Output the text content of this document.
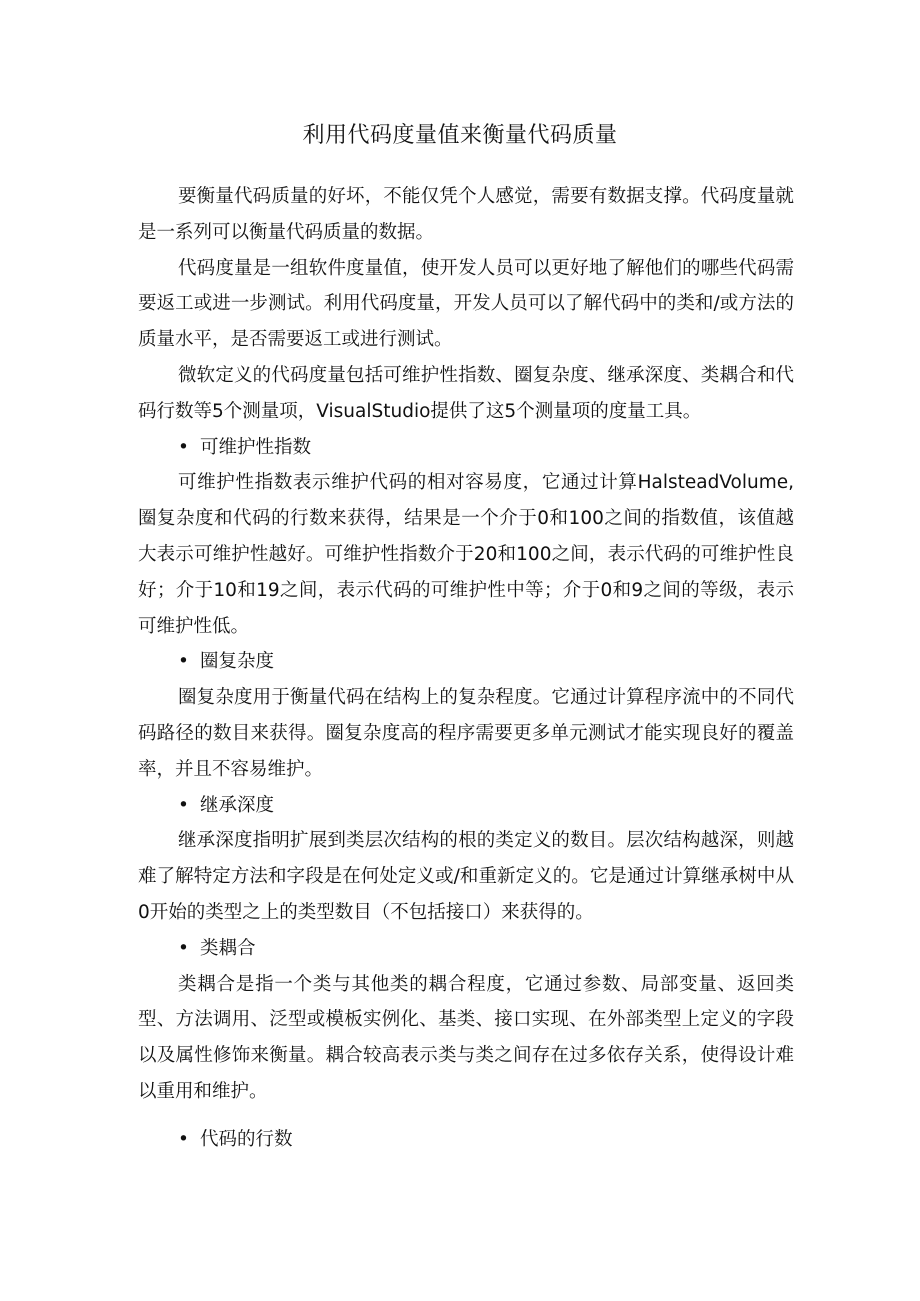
利用代码度量值来衡量代码质量

要衡量代码质量的好坏，不能仅凭个人感觉，需要有数据支撑。代码度量就是一系列可以衡量代码质量的数据。

代码度量是一组软件度量值，使开发人员可以更好地了解他们的哪些代码需要返工或进一步测试。利用代码度量，开发人员可以了解代码中的类和/或方法的质量水平，是否需要返工或进行测试。

微软定义的代码度量包括可维护性指数、圈复杂度、继承深度、类耦合和代码行数等5个测量项，VisualStudio提供了这5个测量项的度量工具。

• 可维护性指数

可维护性指数表示维护代码的相对容易度，它通过计算HalsteadVolume,圈复杂度和代码的行数来获得，结果是一个介于0和100之间的指数值，该值越大表示可维护性越好。可维护性指数介于20和100之间，表示代码的可维护性良好；介于10和19之间，表示代码的可维护性中等；介于0和9之间的等级，表示可维护性低。

• 圈复杂度

圈复杂度用于衡量代码在结构上的复杂程度。它通过计算程序流中的不同代码路径的数目来获得。圈复杂度高的程序需要更多单元测试才能实现良好的覆盖率，并且不容易维护。

• 继承深度

继承深度指明扩展到类层次结构的根的类定义的数目。层次结构越深，则越难了解特定方法和字段是在何处定义或/和重新定义的。它是通过计算继承树中从0开始的类型之上的类型数目（不包括接口）来获得的。

• 类耦合

类耦合是指一个类与其他类的耦合程度，它通过参数、局部变量、返回类型、方法调用、泛型或模板实例化、基类、接口实现、在外部类型上定义的字段以及属性修饰来衡量。耦合较高表示类与类之间存在过多依存关系，使得设计难以重用和维护。

• 代码的行数
